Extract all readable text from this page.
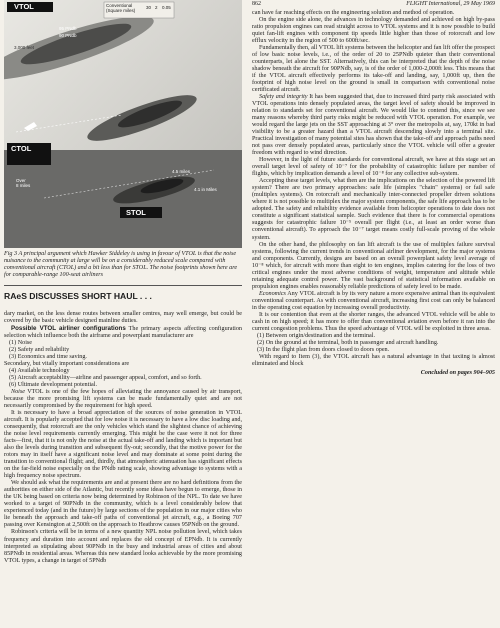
VTOL
CTOL
STOL
Conventional
(Square miles)
30 2 0.05
95 PNdb
90 PNdb
3,000 feet
Over
8 miles
4.5 miles
4.1 in Miles

Fig 3 A principal argument which Hawker Siddeley is using in favour of VTOL is that the noise nuisance to the community at large will be on a considerably reduced scale compared with conventional aircraft (CTOL) and a bit less than for STOL. The noise footprints shown here are for comparable-range 100-seat airliners

RAeS DISCUSSES SHORT HAUL . . .

dary market, on the less dense routes between smaller centres, may well emerge, but could be covered by the basic vehicle designed mainline duties.

Possible VTOL airliner configurations The primary aspects affecting configuration selection which influence both the airframe and powerplant manufacturer are

(1) Noise
(2) Safety and reliability
(3) Economics and time saving.
Secondary, but vitally important considerations are
(4) Available technology
(5) Aircraft acceptability—airline and passenger appeal, comfort, and so forth.
(6) Ultimate development potential.

Noise VTOL is one of the few hopes of alleviating the annoyance caused by air transport, because the more promising lift systems can be made fundamentally quiet and are not necessarily compromised by the requirement for high speed.

It is necessary to have a broad appreciation of the sources of noise generation in VTOL aircraft. It is popularly accepted that for low noise it is necessary to have a low disc loading and, consequently, that rotorcraft are the only vehicles which stand the slightest chance of achieving the noise level requirements currently emerging. This might be the case were it not for three facts—first, that it is not only the noise at the actual take-off and landing which is important but also the levels during transition and subsequent fly-out; secondly, that the motive power for the rotors may in itself have a significant noise level and may dominate at some point during the transition to conventional flight; and, thirdly, that atmospheric attenuation has significant effects on the far-field noise especially on the PNdb rating scale, showing advantage to systems with a high frequency noise spectrum.

We should ask what the requirements are and at present there are no hard definitions from the authorities on either side of the Atlantic, but recently some ideas have begun to emerge, those in the UK being based on criteria now being determined by Robinson of the NPL. To date we have worked to a target of 90PNdb in the community, which is a level considerably below that experienced today (and in the future) by large sections of the population in our major cities who lie beneath the approach and take-off paths of conventional jet aircraft, e.g., a Boeing 707 passing over Kensington at 2,500ft on the approach to Heathrow causes 95PNdb on the ground.

Robinson's criteria will be in terms of a new quantity NPL noise pollution level, which takes frequency and duration into account and replaces the old concept of EPNdb. It is currently interpreted as stipulating about 90PNdb in the busy and industrial areas of cities and about 85PNdb in residential areas. Whereas this new standard looks achievable by the more promising VTOL types, a change in target of 5PNdb

862	FLIGHT International, 29 May 1969

can have far reaching effects on the engineering solution and method of operation.

On the engine side alone, the advances in technology demanded and achieved on high by-pass ratio propulsion engines can read straight across to VTOL systems and it is now possible to build quiet fan-lift engines with component tip speeds little higher than those of rotorcraft and low efflux velocity in the region of 500 to 600ft/sec.

Fundamentally then, all VTOL lift systems between the helicopter and fan lift offer the prospect of low basic noise levels, i.e., of the order of 20 to 25PNdb quieter than their conventional counterparts, let alone the SST. Alternatively, this can be interpreted that the depth of the noise shadow beneath the aircraft for 90PNdb, say, is of the order of 1,000-2,000ft less. This means that if the VTOL aircraft effectively performs its take-off and landing, say, 1,000ft up, then the footprint of high noise level on the ground is small in comparison with conventional noise certificated aircraft.

Safety and integrity It has been suggested that, due to increased third party risk associated with VTOL operations into densely populated areas, the target level of safety should be improved in relation to standards set for conventional aircraft. We would like to contend this, since we see many reasons whereby third party risks might be reduced with VTOL operation. For example, we would regard the large jets on the SST approaching at 3° over the metropolis at, say, 170kt in bad visibility to be a greater hazard than a VTOL aircraft descending slowly into a terminal site. Practical investigation of many potential sites has shown that the take-off and approach paths need not pass over densely populated areas, particularly since the VTOL vehicle will offer a greater freedom with regard to wind direction.

However, in the light of future standards for conventional aircraft, we have at this stage set an overall target level of safety of 10⁻⁷ for the probability of catastrophic failure per number of flights, which by implication demands a level of 10⁻⁸ for any collective sub-system.

Accepting these target levels, what then are the implications on the selection of the powered lift system? There are two primary approaches: safe life (simplex "chain" systems) or fail safe (multiplex systems). On rotorcraft and mechanically inter-connected propeller driven solutions where it is not possible to multiplex the major system components, the safe life approach has to be adopted. The safety and reliability evidence available from helicopter operations to date does not constitute a significant statistical sample. Such evidence that there is for commercial operations suggests for catastrophic failure 10⁻⁵ overall per flight (i.e., at least an order worse than conventional aircraft). To approach the 10⁻⁷ target means costly full-scale proving of the whole system.

On the other hand, the philosophy on fan lift aircraft is the use of multiplex failure survival systems, following the current trends in conventional airliner development, for the major systems and components. Currently, designs are based on an overall powerplant safety level average of 10⁻⁸ which, for aircraft with more than eight to ten engines, implies catering for the loss of two critical engines under the most adverse conditions of weight, temperature and altitude while retaining adequate control power. The vast background of statistical information available on propulsion engines enables reasonably reliable predictions of safety level to be made.

Economics Any VTOL aircraft is by its very nature a more expensive animal than its equivalent conventional counterpart. As with conventional aircraft, increasing first cost can only be balanced in the operating cost equation by increasing overall productivity.

It is our contention that even at the shorter ranges, the advanced VTOL vehicle will be able to cash in on high speed; it has more to offer than conventional aviation even before it ran into the current congestion problems. Thus the speed advantage of VTOL will be exploited in three areas.

(1) Between origin/destination and the terminal.
(2) On the ground at the terminal, both in passenger and aircraft handling.
(3) In the flight plan from doors closed to doors open.

With regard to Item (3), the VTOL aircraft has a natural advantage in that taxiing is almost eliminated and block

Concluded on pages 904–905
